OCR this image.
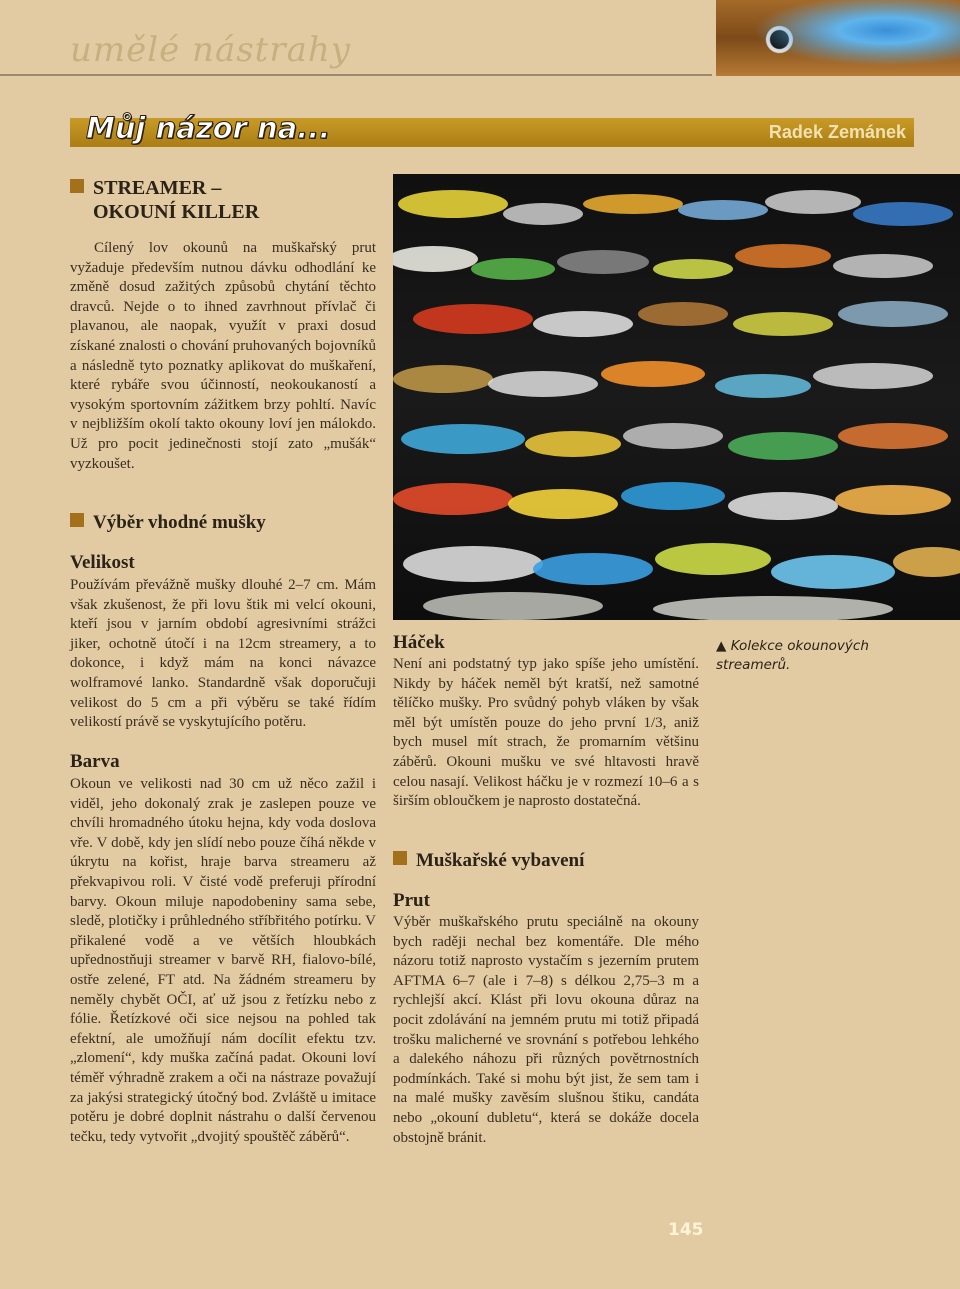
umělé nástrahy
Můj názor na...	Radek Zemánek
STREAMER –
OKOUNÍ KILLER

Cílený lov okounů na muškařský prut vyžaduje především nutnou dávku odhodlání ke změně dosud zažitých způsobů chytání těchto dravců. Nejde o to ihned zavrhnout přívlač či plavanou, ale naopak, využít v praxi dosud získané znalosti o chování pruhovaných bojovníků a následně tyto poznatky aplikovat do muškaření, které rybáře svou účinností, neokoukaností a vysokým sportovním zážitkem brzy pohltí. Navíc v nejbližším okolí takto okouny loví jen málokdo. Už pro pocit jedinečnosti stojí zato „mušák“ vyzkoušet.

Výběr vhodné mušky
Velikost

Používám převážně mušky dlouhé 2–7 cm. Mám však zkušenost, že při lovu štik mi velcí okouni, kteří jsou v jarním období agresivními strážci jiker, ochotně útočí i na 12cm streamery, a to dokonce, i když mám na konci návazce wolframové lanko. Standardně však doporučuji velikost do 5 cm a při výběru se také řídím velikostí právě se vyskytujícího potěru.

Barva

Okoun ve velikosti nad 30 cm už něco zažil i viděl, jeho dokonalý zrak je zaslepen pouze ve chvíli hromadného útoku hejna, kdy voda doslova vře. V době, kdy jen slídí nebo pouze číhá někde v úkrytu na kořist, hraje barva streameru až překvapivou roli. V čisté vodě preferuji přírodní barvy. Okoun miluje napodobeniny sama sebe, sledě, plotičky i průhledného stříbřitého potírku. V přikalené vodě a ve větších hloubkách upřednostňuji streamer v barvě RH, fialovo-bílé, ostře zelené, FT atd. Na žádném streameru by neměly chybět OČI, ať už jsou z řetízku nebo z fólie. Řetízkové oči sice nejsou na pohled tak efektní, ale umožňují nám docílit efektu tzv. „zlomení“, kdy muška začíná padat. Okouni loví téměř výhradně zrakem a oči na nástraze považují za jakýsi strategický útočný bod. Zvláště u imitace potěru je dobré doplnit nástrahu o další červenou tečku, tedy vytvořit „dvojitý spouštěč záběrů“.

▲ Kolekce okounových streamerů.
Háček

Není ani podstatný typ jako spíše jeho umístění. Nikdy by háček neměl být kratší, než samotné tělíčko mušky. Pro svůdný pohyb vláken by však měl být umístěn pouze do jeho první 1/3, aniž bych musel mít strach, že promarním většinu záběrů. Okouni mušku ve své hltavosti hravě celou nasají. Velikost háčku je v rozmezí 10–6 a s širším obloučkem je naprosto dostatečná.

Muškařské vybavení
Prut

Výběr muškařského prutu speciálně na okouny bych raději nechal bez komentáře. Dle mého názoru totiž naprosto vystačím s jezerním prutem AFTMA 6–7 (ale i 7–8) s délkou 2,75–3 m a rychlejší akcí. Klást při lovu okouna důraz na pocit zdolávání na jemném prutu mi totiž připadá trošku malicherné ve srovnání s potřebou lehkého a dalekého náhozu při různých povětrnostních podmínkách. Také si mohu být jist, že sem tam i na malé mušky zavěsím slušnou štiku, candáta nebo „okouní dubletu“, která se dokáže docela obstojně bránit.

145
